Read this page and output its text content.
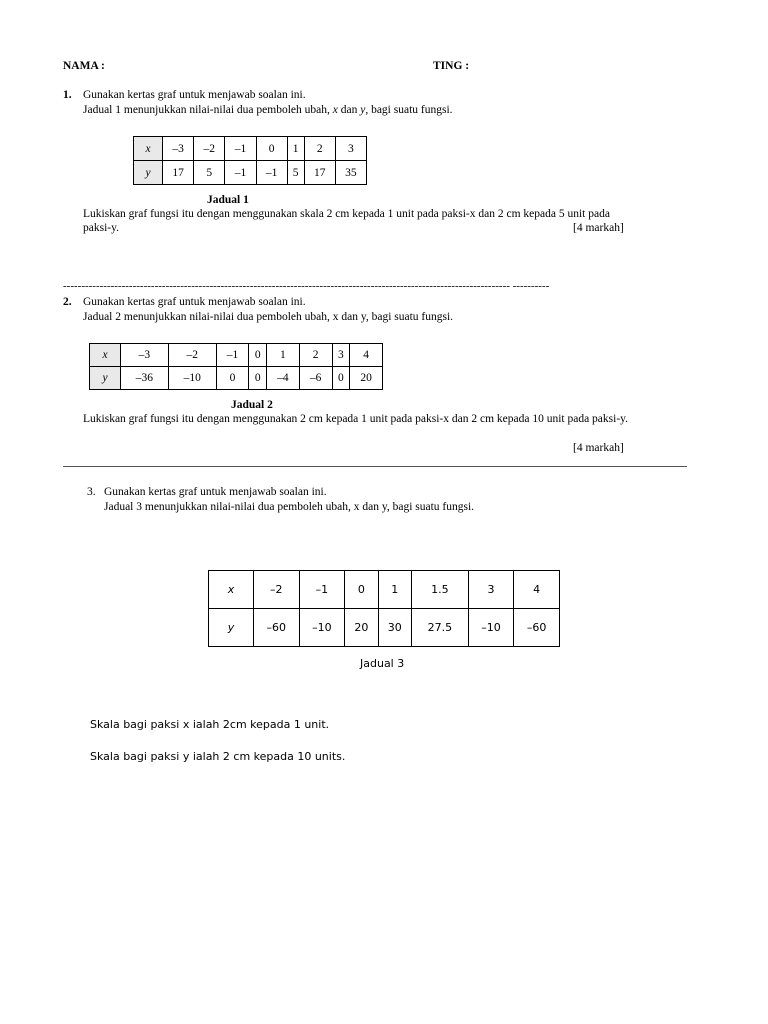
NAMA :	TING :
1. Gunakan kertas graf untuk menjawab soalan ini.
Jadual 1 menunjukkan nilai-nilai dua pemboleh ubah, x dan y, bagi suatu fungsi.
x	–3	–2	–1	0	1	2	3
y	17	5	–1	–1	5	17	35
Jadual 1
Lukiskan graf fungsi itu dengan menggunakan skala 2 cm kepada 1 unit pada paksi-x dan 2 cm kepada 5 unit pada
paksi-y.	[4 markah]
-------------------------------------------------------------------------------------------------------------------------- ----------
2. Gunakan kertas graf untuk menjawab soalan ini.
Jadual 2 menunjukkan nilai-nilai dua pemboleh ubah, x dan y, bagi suatu fungsi.
x	–3	–2	–1	0	1	2	3	4
y	–36	–10	0	0	–4	–6	0	20
Jadual 2
Lukiskan graf fungsi itu dengan menggunakan 2 cm kepada 1 unit pada paksi-x dan 2 cm kepada 10 unit pada paksi-y.
[4 markah]
3. Gunakan kertas graf untuk menjawab soalan ini.
Jadual 3 menunjukkan nilai-nilai dua pemboleh ubah, x dan y, bagi suatu fungsi.
x	–2	–1	0	1	1.5	3	4
y	–60	–10	20	30	27.5	–10	–60
Jadual 3
Skala bagi paksi x ialah 2cm kepada 1 unit.
Skala bagi paksi y ialah 2 cm kepada 10 units.
